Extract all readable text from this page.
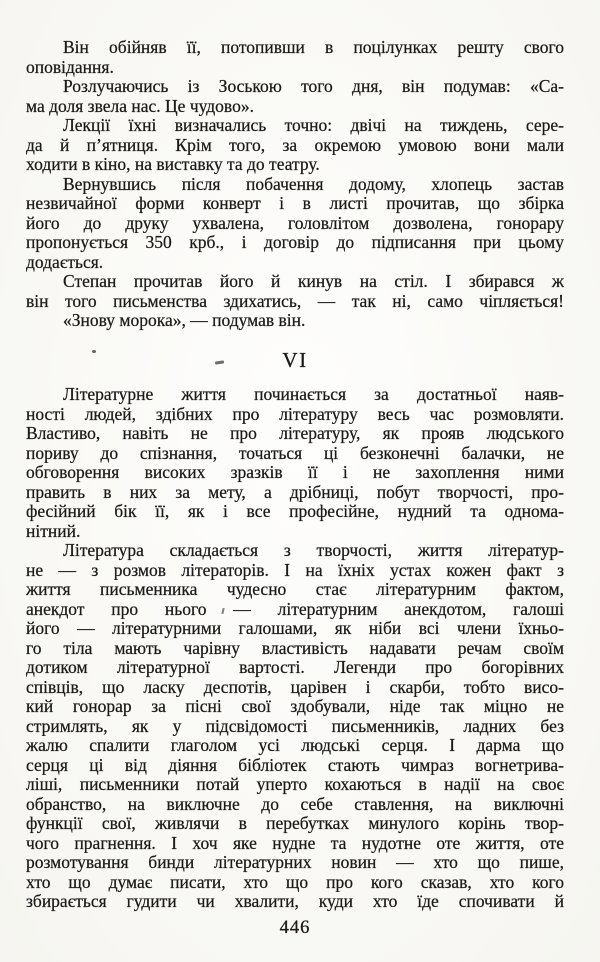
Він обійняв її, потопивши в поцілунках решту свого
оповідання.
Розлучаючись із Зоською того дня, він подумав: «Са-
ма доля звела нас. Це чудово».
Лекції їхні визначались точно: двічі на тиждень, сере-
да й п’ятниця. Крім того, за окремою умовою вони мали
ходити в кіно, на виставку та до театру.
Вернувшись після побачення додому, хлопець застав
незвичайної форми конверт і в листі прочитав, що збірка
його до друку ухвалена, головлітом дозволена, гонорару
пропонується 350 крб., і договір до підписання при цьому
додається.
Степан прочитав його й кинув на стіл. І збирався ж
він того письменства здихатись, — так ні, само чіпляється!
«Знову морока», — подумав він.
VI
Літературне життя починається за достатньої наяв-
ності людей, здібних про літературу весь час розмовляти.
Властиво, навіть не про літературу, як прояв людського
пориву до спізнання, точаться ці безконечні балачки, не
обговорення високих зразків її і не захоплення ними
править в них за мету, а дрібниці, побут творчості, про-
фесійний бік її, як і все професійне, нудний та однома-
нітний.
Література складається з творчості, життя літератур-
не — з розмов літераторів. І на їхніх устах кожен факт з
життя письменника чудесно стає літературним фактом,
анекдот про нього — літературним анекдотом, галоші
його — літературними галошами, як ніби всі члени їхньо-
го тіла мають чарівну властивість надавати речам своїм
дотиком літературної вартості. Легенди про богорівних
співців, що ласку деспотів, царівен і скарби, тобто висо-
кий гонорар за пісні свої здобували, ніде так міцно не
стримлять, як у підсвідомості письменників, ладних без
жалю спалити глаголом усі людські серця. І дарма що
серця ці від діяння бібліотек стають чимраз вогнетрива-
ліші, письменники потай уперто кохаються в надії на своє
обранство, на виключне до себе ставлення, на виключні
функції свої, живлячи в перебутках минулого корінь твор-
чого прагнення. І хоч яке нудне та нудотне оте життя, оте
розмотування бинди літературних новин — хто що пише,
хто що думає писати, хто що про кого сказав, хто кого
збирається гудити чи хвалити, куди хто їде спочивати й
446
